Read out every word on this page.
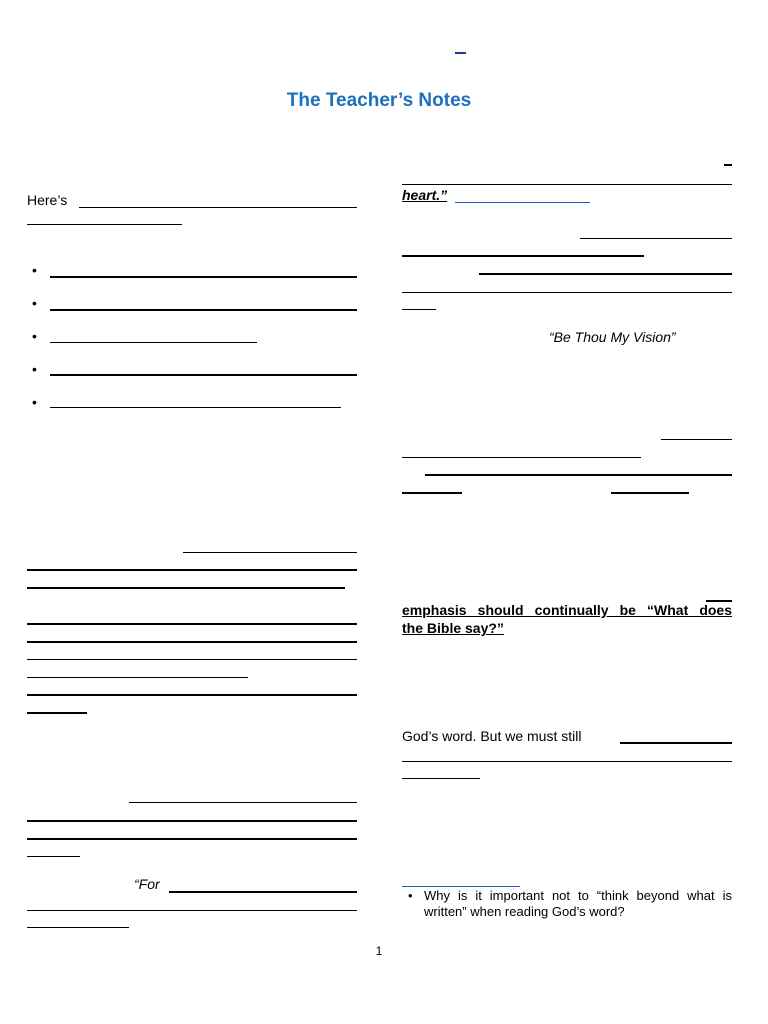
The Teacher’s Notes
Here’s
•
•
•
•
•
“For
heart.”
“Be Thou My Vision”
emphasis should continually be “What does
the Bible say?”
God’s word. But we must still
• Why is it important not to “think beyond what is written” when reading God’s word?
1
